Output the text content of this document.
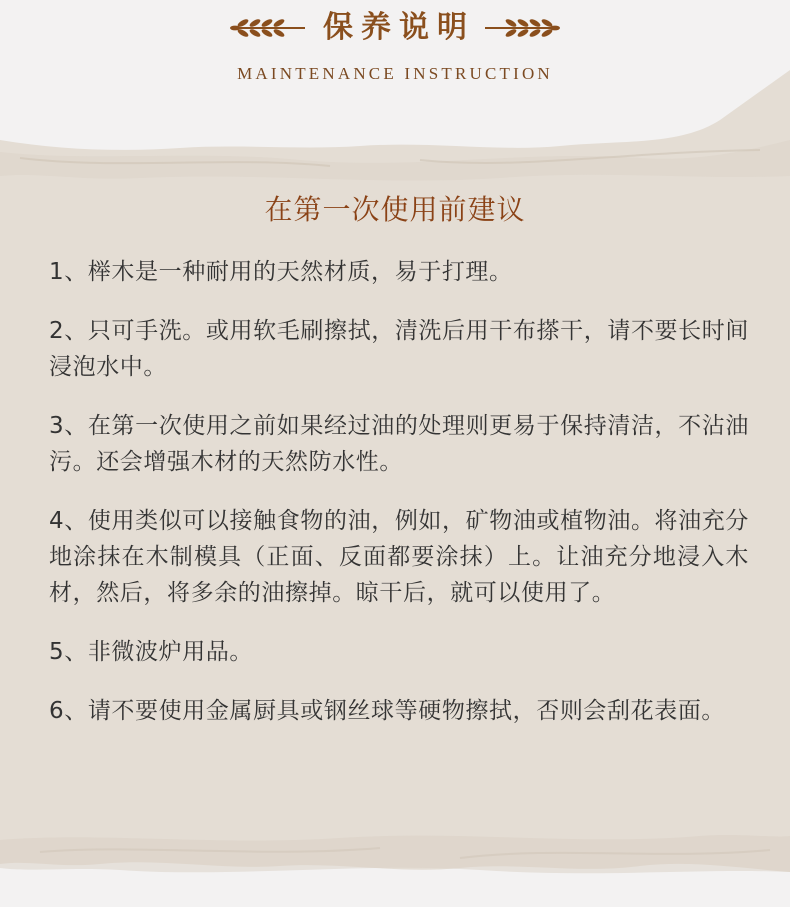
保养说明
MAINTENANCE INSTRUCTION
在第一次使用前建议

1、榉木是一种耐用的天然材质，易于打理。

2、只可手洗。或用软毛刷擦拭，清洗后用干布搽干，请不要长时间浸泡水中。

3、在第一次使用之前如果经过油的处理则更易于保持清洁，不沾油污。还会增强木材的天然防水性。

4、使用类似可以接触食物的油，例如，矿物油或植物油。将油充分地涂抹在木制模具（正面、反面都要涂抹）上。让油充分地浸入木材，然后，将多余的油擦掉。晾干后，就可以使用了。

5、非微波炉用品。

6、请不要使用金属厨具或钢丝球等硬物擦拭，否则会刮花表面。
